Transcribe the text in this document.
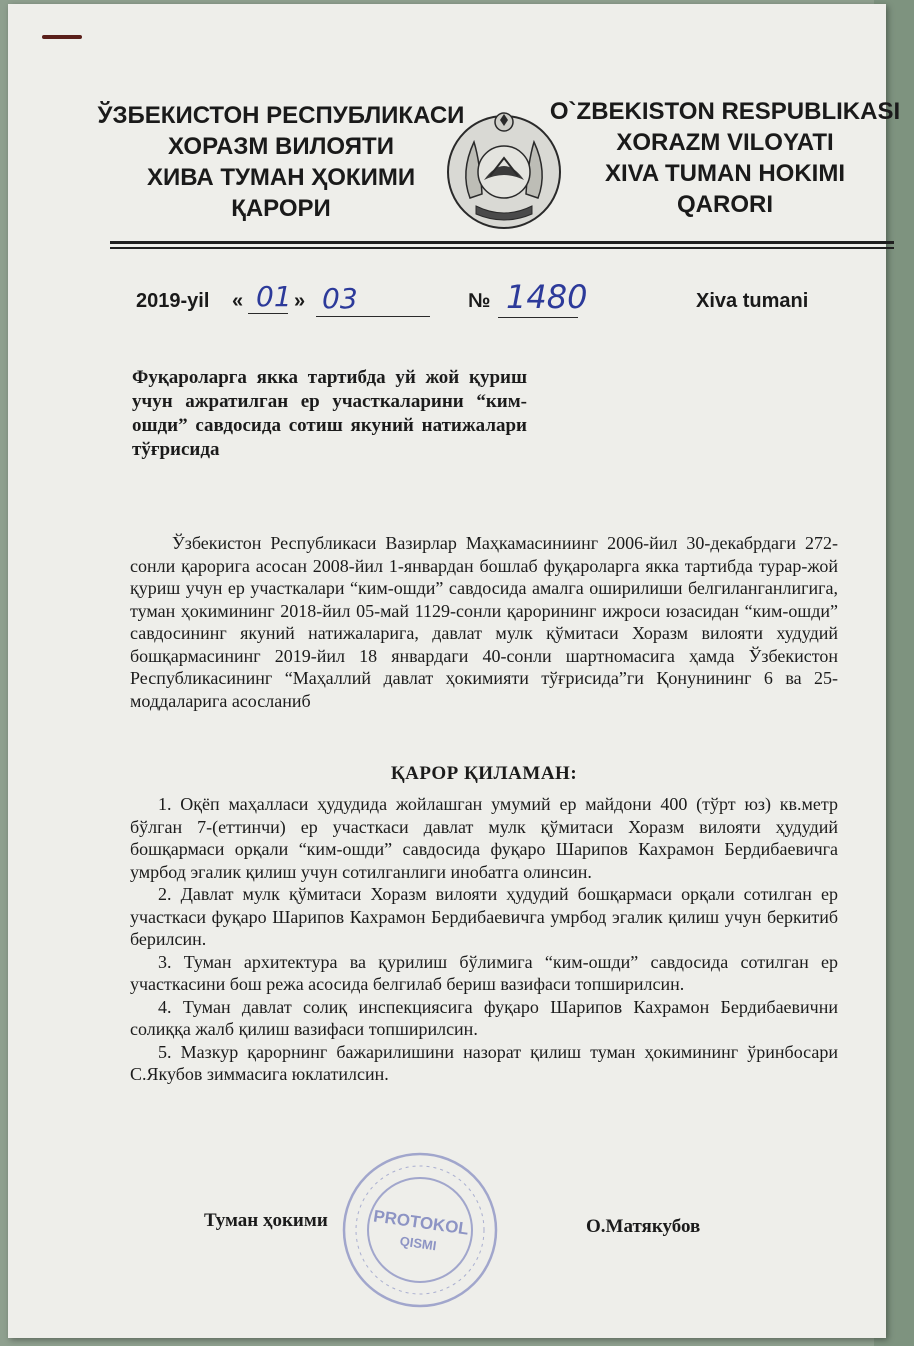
ЎЗБЕКИСТОН РЕСПУБЛИКАСИ
ХОРАЗМ ВИЛОЯТИ
ХИВА ТУМАН ҲОКИМИ
ҚАРОРИ
O`ZBEKISTON RESPUBLIKASI
XORAZM VILOYATI
XIVA TUMAN HOKIMI
QARORI
2019-yil « 01 » 03	№ 1480	Xiva tumani
Фуқароларга якка тартибда уй жой қуриш учун ажратилган ер участкаларини “ким-ошди” савдосида сотиш якуний натижалари тўғрисида
Ўзбекистон Республикаси Вазирлар Маҳкамасиниинг 2006-йил 30-декабрдаги 272-сонли қарорига асосан 2008-йил 1-январдан бошлаб фуқароларга якка тартибда турар-жой қуриш учун ер участкалари “ким-ошди” савдосида амалга оширилиши белгиланганлигига, туман ҳокимининг 2018-йил 05-май 1129-сонли қарорининг ижроси юзасидан “ким-ошди” савдосининг якуний натижаларига, давлат мулк қўмитаси Хоразм вилояти худудий бошқармасининг 2019-йил 18 январдаги 40-сонли шартномасига ҳамда Ўзбекистон Республикасининг “Маҳаллий давлат ҳокимияти тўғрисида”ги Қонунининг 6 ва 25-моддаларига асосланиб
ҚАРОР ҚИЛАМАН:

1. Оқёп маҳалласи ҳудудида жойлашган умумий ер майдони 400 (тўрт юз) кв.метр бўлган 7-(еттинчи) ер участкаси давлат мулк қўмитаси Хоразм вилояти ҳудудий бошқармаси орқали “ким-ошди” савдосида фуқаро Шарипов Кахрамон Бердибаевичга умрбод эгалик қилиш учун сотилганлиги инобатга олинсин.

2. Давлат мулк қўмитаси Хоразм вилояти ҳудудий бошқармаси орқали сотилган ер участкаси фуқаро Шарипов Кахрамон Бердибаевичга умрбод эгалик қилиш учун беркитиб берилсин.

3. Туман архитектура ва қурилиш бўлимига “ким-ошди” савдосида сотилган ер участкасини бош режа асосида белгилаб бериш вазифаси топширилсин.

4. Туман давлат солиқ инспекциясига фуқаро Шарипов Кахрамон Бердибаевични солиққа жалб қилиш вазифаси топширилсин.

5. Мазкур қарорнинг бажарилишини назорат қилиш туман ҳокимининг ўринбосари С.Якубов зиммасига юклатилсин.

PROTOKOL
QISMI
Туман ҳокими	О.Матякубов
